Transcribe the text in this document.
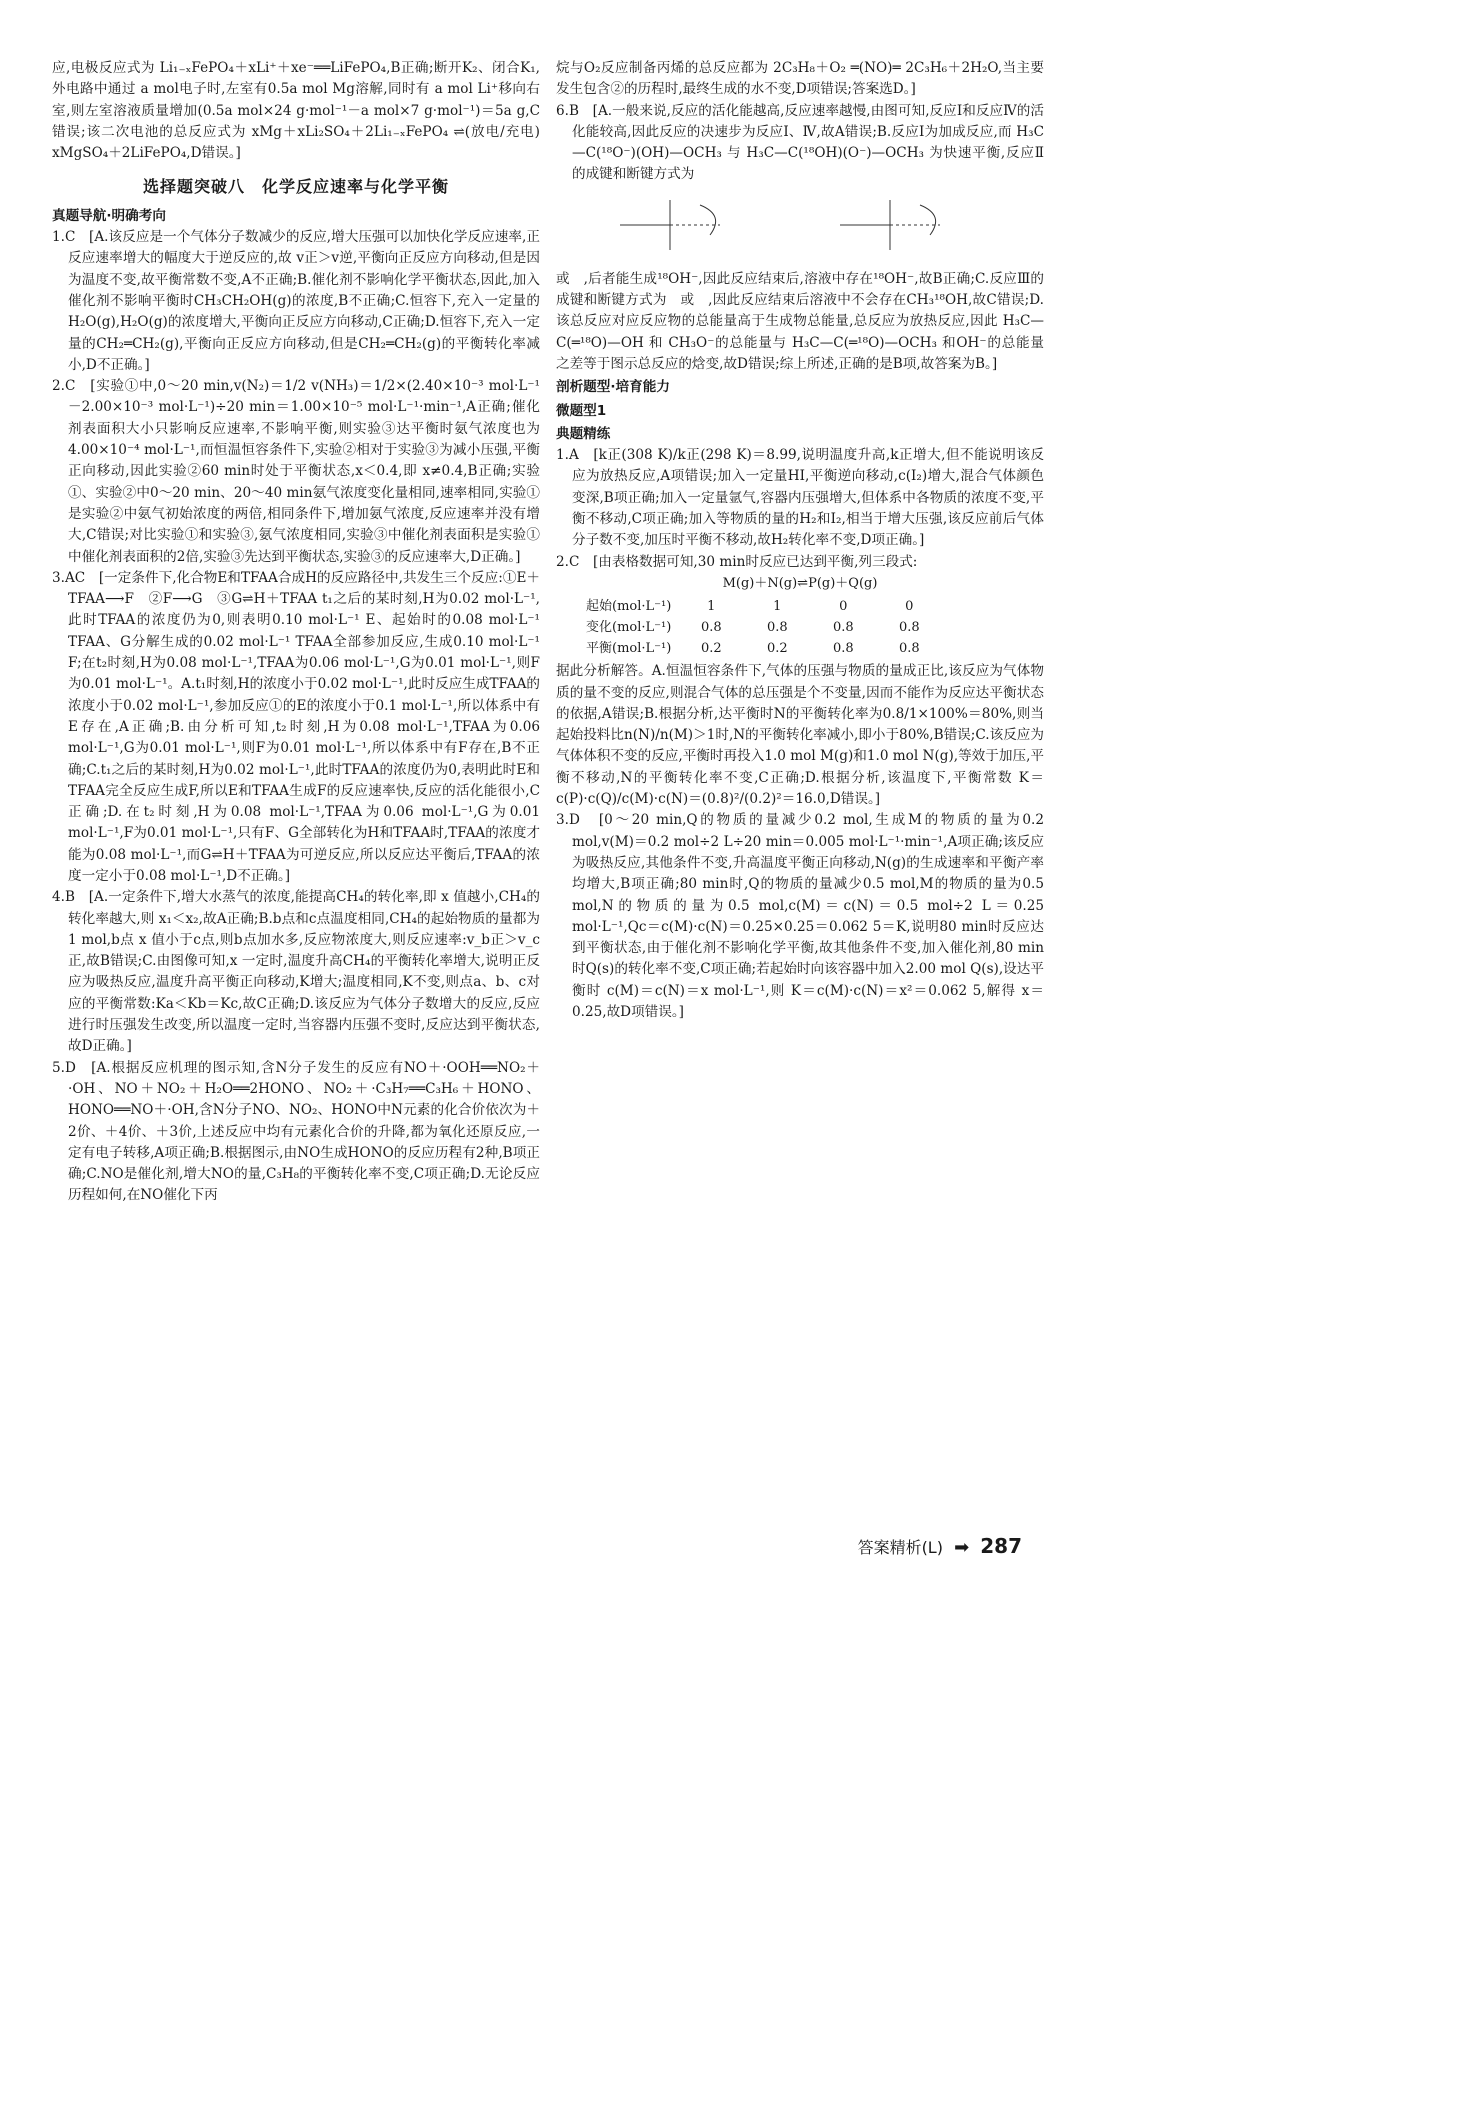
应,电极反应式为 Li₁₋ₓFePO₄＋xLi⁺＋xe⁻══LiFePO₄,B正确;断开K₂、闭合K₁,外电路中通过 a mol电子时,左室有0.5a mol Mg溶解,同时有 a mol Li⁺移向右室,则左室溶液质量增加(0.5a mol×24 g·mol⁻¹－a mol×7 g·mol⁻¹)＝5a g,C错误;该二次电池的总反应式为 xMg＋xLi₂SO₄＋2Li₁₋ₓFePO₄ ⇌(放电/充电) xMgSO₄＋2LiFePO₄,D错误。]

选择题突破八　化学反应速率与化学平衡

真题导航·明确考向

1.C　[A.该反应是一个气体分子数减少的反应,增大压强可以加快化学反应速率,正反应速率增大的幅度大于逆反应的,故 v正＞v逆,平衡向正反应方向移动,但是因为温度不变,故平衡常数不变,A不正确;B.催化剂不影响化学平衡状态,因此,加入催化剂不影响平衡时CH₃CH₂OH(g)的浓度,B不正确;C.恒容下,充入一定量的H₂O(g),H₂O(g)的浓度增大,平衡向正反应方向移动,C正确;D.恒容下,充入一定量的CH₂═CH₂(g),平衡向正反应方向移动,但是CH₂═CH₂(g)的平衡转化率减小,D不正确。]

2.C　[实验①中,0～20 min,v(N₂)＝1/2 v(NH₃)＝1/2×(2.40×10⁻³ mol·L⁻¹－2.00×10⁻³ mol·L⁻¹)÷20 min＝1.00×10⁻⁵ mol·L⁻¹·min⁻¹,A正确;催化剂表面积大小只影响反应速率,不影响平衡,则实验③达平衡时氨气浓度也为4.00×10⁻⁴ mol·L⁻¹,而恒温恒容条件下,实验②相对于实验③为减小压强,平衡正向移动,因此实验②60 min时处于平衡状态,x＜0.4,即 x≠0.4,B正确;实验①、实验②中0～20 min、20～40 min氨气浓度变化量相同,速率相同,实验①是实验②中氨气初始浓度的两倍,相同条件下,增加氨气浓度,反应速率并没有增大,C错误;对比实验①和实验③,氨气浓度相同,实验③中催化剂表面积是实验①中催化剂表面积的2倍,实验③先达到平衡状态,实验③的反应速率大,D正确。]

3.AC　[一定条件下,化合物E和TFAA合成H的反应路径中,共发生三个反应:①E＋TFAA⟶F　②F⟶G　③G⇌H＋TFAA t₁之后的某时刻,H为0.02 mol·L⁻¹,此时TFAA的浓度仍为0,则表明0.10 mol·L⁻¹ E、起始时的0.08 mol·L⁻¹ TFAA、G分解生成的0.02 mol·L⁻¹ TFAA全部参加反应,生成0.10 mol·L⁻¹ F;在t₂时刻,H为0.08 mol·L⁻¹,TFAA为0.06 mol·L⁻¹,G为0.01 mol·L⁻¹,则F为0.01 mol·L⁻¹。A.t₁时刻,H的浓度小于0.02 mol·L⁻¹,此时反应生成TFAA的浓度小于0.02 mol·L⁻¹,参加反应①的E的浓度小于0.1 mol·L⁻¹,所以体系中有E存在,A正确;B.由分析可知,t₂时刻,H为0.08 mol·L⁻¹,TFAA为0.06 mol·L⁻¹,G为0.01 mol·L⁻¹,则F为0.01 mol·L⁻¹,所以体系中有F存在,B不正确;C.t₁之后的某时刻,H为0.02 mol·L⁻¹,此时TFAA的浓度仍为0,表明此时E和TFAA完全反应生成F,所以E和TFAA生成F的反应速率快,反应的活化能很小,C正确;D.在t₂时刻,H为0.08 mol·L⁻¹,TFAA为0.06 mol·L⁻¹,G为0.01 mol·L⁻¹,F为0.01 mol·L⁻¹,只有F、G全部转化为H和TFAA时,TFAA的浓度才能为0.08 mol·L⁻¹,而G⇌H＋TFAA为可逆反应,所以反应达平衡后,TFAA的浓度一定小于0.08 mol·L⁻¹,D不正确。]

4.B　[A.一定条件下,增大水蒸气的浓度,能提高CH₄的转化率,即 x 值越小,CH₄的转化率越大,则 x₁＜x₂,故A正确;B.b点和c点温度相同,CH₄的起始物质的量都为1 mol,b点 x 值小于c点,则b点加水多,反应物浓度大,则反应速率:v_b正＞v_c正,故B错误;C.由图像可知,x 一定时,温度升高CH₄的平衡转化率增大,说明正反应为吸热反应,温度升高平衡正向移动,K增大;温度相同,K不变,则点a、b、c对应的平衡常数:Ka＜Kb＝Kc,故C正确;D.该反应为气体分子数增大的反应,反应进行时压强发生改变,所以温度一定时,当容器内压强不变时,反应达到平衡状态,故D正确。]

5.D　[A.根据反应机理的图示知,含N分子发生的反应有NO＋·OOH══NO₂＋·OH、NO＋NO₂＋H₂O══2HONO、NO₂＋·C₃H₇══C₃H₆＋HONO、HONO══NO＋·OH,含N分子NO、NO₂、HONO中N元素的化合价依次为＋2价、＋4价、＋3价,上述反应中均有元素化合价的升降,都为氧化还原反应,一定有电子转移,A项正确;B.根据图示,由NO生成HONO的反应历程有2种,B项正确;C.NO是催化剂,增大NO的量,C₃H₈的平衡转化率不变,C项正确;D.无论反应历程如何,在NO催化下丙

烷与O₂反应制备丙烯的总反应都为 2C₃H₈＋O₂ ═(NO)═ 2C₃H₆＋2H₂O,当主要发生包含②的历程时,最终生成的水不变,D项错误;答案选D。]

6.B　[A.一般来说,反应的活化能越高,反应速率越慢,由图可知,反应Ⅰ和反应Ⅳ的活化能较高,因此反应的决速步为反应Ⅰ、Ⅳ,故A错误;B.反应Ⅰ为加成反应,而 H₃C—C(¹⁸O⁻)(OH)—OCH₃ 与 H₃C—C(¹⁸OH)(O⁻)—OCH₃ 为快速平衡,反应Ⅱ的成键和断键方式为

或　,后者能生成¹⁸OH⁻,因此反应结束后,溶液中存在¹⁸OH⁻,故B正确;C.反应Ⅲ的成键和断键方式为　或　,因此反应结束后溶液中不会存在CH₃¹⁸OH,故C错误;D.该总反应对应反应物的总能量高于生成物总能量,总反应为放热反应,因此 H₃C—C(═¹⁸O)—OH 和 CH₃O⁻的总能量与 H₃C—C(═¹⁸O)—OCH₃ 和OH⁻的总能量之差等于图示总反应的焓变,故D错误;综上所述,正确的是B项,故答案为B。]

剖析题型·培育能力

微题型1

典题精练

1.A　[k正(308 K)/k正(298 K)＝8.99,说明温度升高,k正增大,但不能说明该反应为放热反应,A项错误;加入一定量HI,平衡逆向移动,c(I₂)增大,混合气体颜色变深,B项正确;加入一定量氩气,容器内压强增大,但体系中各物质的浓度不变,平衡不移动,C项正确;加入等物质的量的H₂和I₂,相当于增大压强,该反应前后气体分子数不变,加压时平衡不移动,故H₂转化率不变,D项正确。]

2.C　[由表格数据可知,30 min时反应已达到平衡,列三段式:

M(g)＋N(g)⇌P(g)＋Q(g)

起始(mol·L⁻¹)	1	1	0	0
变化(mol·L⁻¹)	0.8	0.8	0.8	0.8
平衡(mol·L⁻¹)	0.2	0.2	0.8	0.8

据此分析解答。A.恒温恒容条件下,气体的压强与物质的量成正比,该反应为气体物质的量不变的反应,则混合气体的总压强是个不变量,因而不能作为反应达平衡状态的依据,A错误;B.根据分析,达平衡时N的平衡转化率为0.8/1×100%＝80%,则当起始投料比n(N)/n(M)＞1时,N的平衡转化率减小,即小于80%,B错误;C.该反应为气体体积不变的反应,平衡时再投入1.0 mol M(g)和1.0 mol N(g),等效于加压,平衡不移动,N的平衡转化率不变,C正确;D.根据分析,该温度下,平衡常数 K＝c(P)·c(Q)/c(M)·c(N)＝(0.8)²/(0.2)²＝16.0,D错误。]

3.D　[0～20 min,Q的物质的量减少0.2 mol,生成M的物质的量为0.2 mol,v(M)＝0.2 mol÷2 L÷20 min＝0.005 mol·L⁻¹·min⁻¹,A项正确;该反应为吸热反应,其他条件不变,升高温度平衡正向移动,N(g)的生成速率和平衡产率均增大,B项正确;80 min时,Q的物质的量减少0.5 mol,M的物质的量为0.5 mol,N的物质的量为0.5 mol,c(M)＝c(N)＝0.5 mol÷2 L＝0.25 mol·L⁻¹,Qc＝c(M)·c(N)＝0.25×0.25＝0.062 5＝K,说明80 min时反应达到平衡状态,由于催化剂不影响化学平衡,故其他条件不变,加入催化剂,80 min时Q(s)的转化率不变,C项正确;若起始时向该容器中加入2.00 mol Q(s),设达平衡时 c(M)＝c(N)＝x mol·L⁻¹,则 K＝c(M)·c(N)＝x²＝0.062 5,解得 x＝0.25,故D项错误。]

答案精析(L) ➡ 287
